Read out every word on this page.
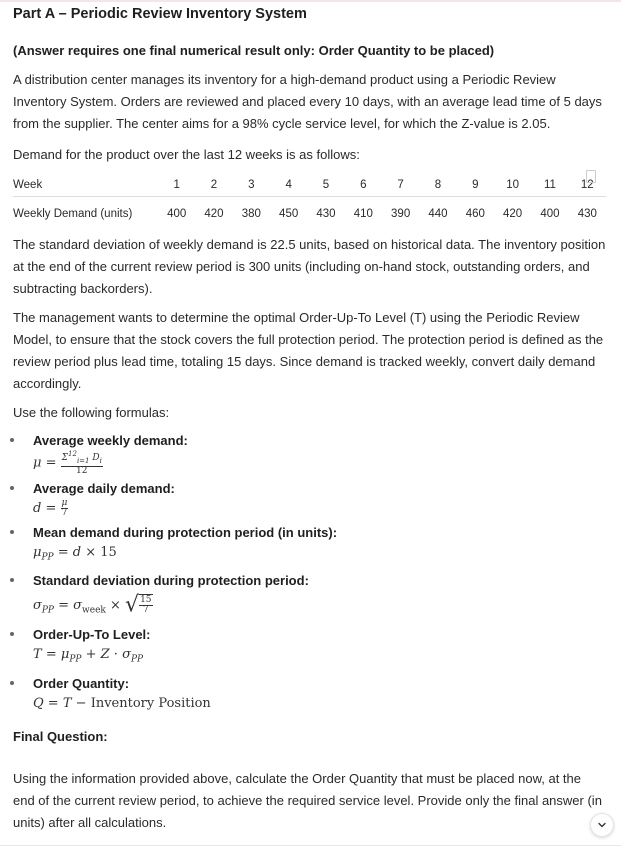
Part A – Periodic Review Inventory System
(Answer requires one final numerical result only: Order Quantity to be placed)

A distribution center manages its inventory for a high-demand product using a Periodic Review Inventory System. Orders are reviewed and placed every 10 days, with an average lead time of 5 days from the supplier. The center aims for a 98% cycle service level, for which the Z-value is 2.05.

Demand for the product over the last 12 weeks is as follows:

Week	1	2	3	4	5	6	7	8	9	10	11	12
Weekly Demand (units)	400	420	380	450	430	410	390	440	460	420	400	430

The standard deviation of weekly demand is 22.5 units, based on historical data. The inventory position at the end of the current review period is 300 units (including on-hand stock, outstanding orders, and subtracting backorders).

The management wants to determine the optimal Order-Up-To Level (T) using the Periodic Review Model, to ensure that the stock covers the full protection period. The protection period is defined as the review period plus lead time, totaling 15 days. Since demand is tracked weekly, convert daily demand accordingly.

Use the following formulas:

Average weekly demand:
$\mu = \frac{\Sigma^{12}_{i=1} D_i}{12}$
Average daily demand:
$d = \frac{\mu}{7}$
Mean demand during protection period (in units):
$\mu_{PP} = d \times 15$
Standard deviation during protection period:
$\sigma_{PP} = \sigma_{week}$ × √ $\frac{15}{7}$
Order-Up-To Level:
$T = \mu_{PP} + Z \cdot \sigma_{PP}$
Order Quantity:
Q = T − Inventory Position
Final Question:

Using the information provided above, calculate the Order Quantity that must be placed now, at the end of the current review period, to achieve the required service level. Provide only the final answer (in units) after all calculations.
